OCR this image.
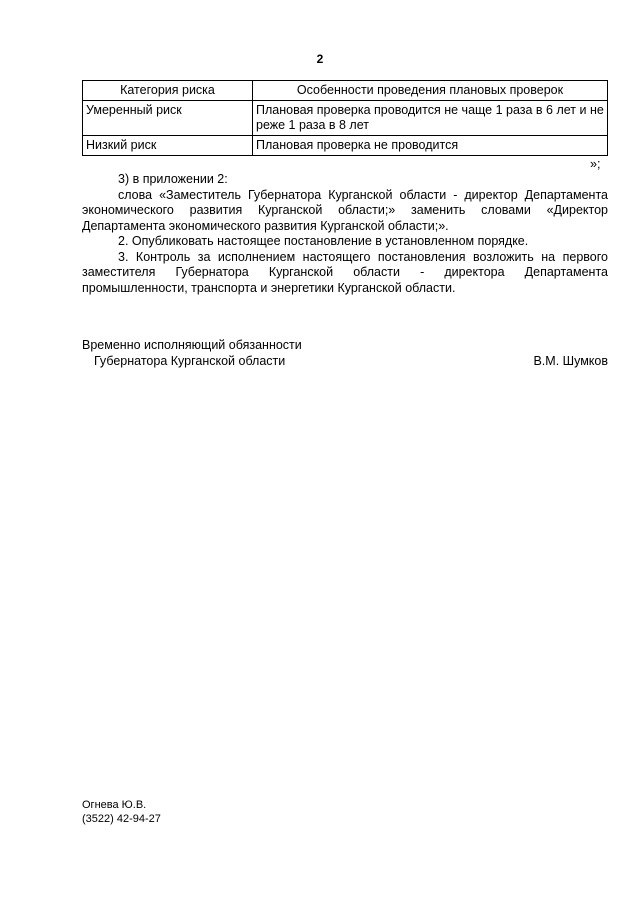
2
Категория риска	Особенности проведения плановых проверок
Умеренный риск	Плановая проверка проводится не чаще 1 раза в 6 лет и не реже 1 раза в 8 лет
Низкий риск	Плановая проверка не проводится
»;

3) в приложении 2:

слова «Заместитель Губернатора Курганской области - директор Департамента экономического развития Курганской области;» заменить словами «Директор Департамента экономического развития Курганской области;».

2. Опубликовать настоящее постановление в установленном порядке.

3. Контроль за исполнением настоящего постановления возложить на первого заместителя Губернатора Курганской области - директора Департамента промышленности, транспорта и энергетики Курганской области.

Временно исполняющий обязанности
Губернатора Курганской области	В.М. Шумков
Огнева Ю.В.
(3522) 42-94-27
